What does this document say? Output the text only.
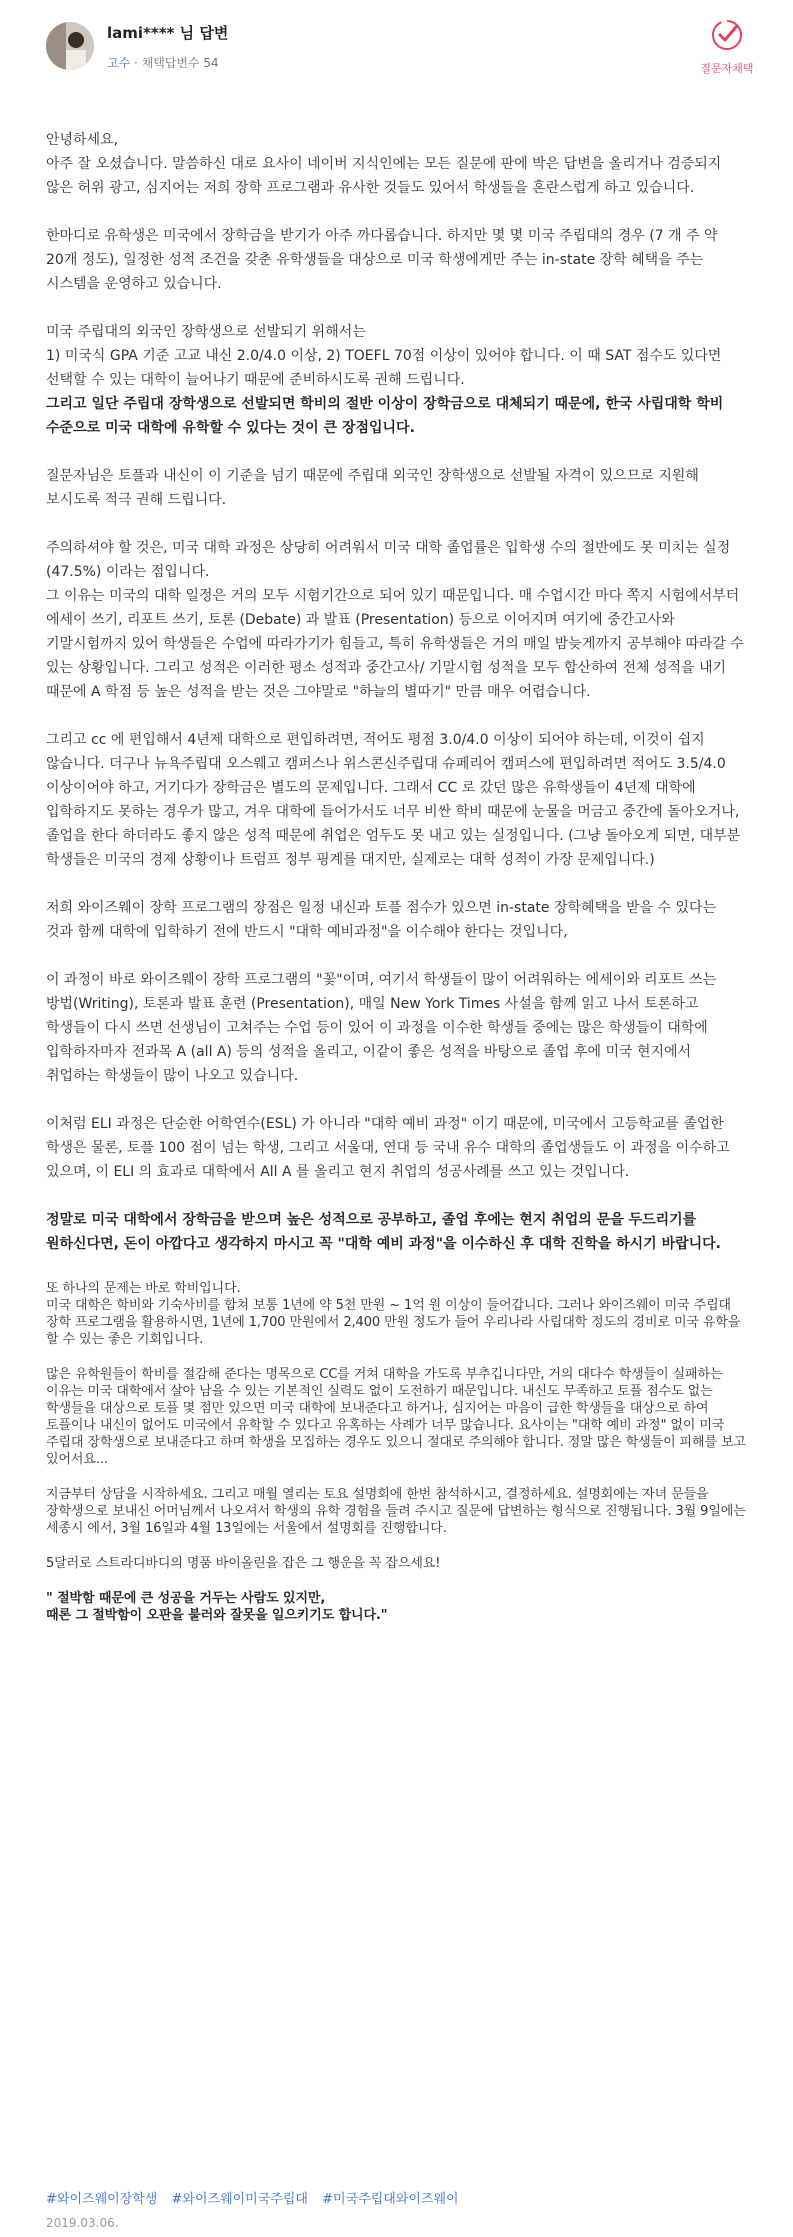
lami**** 님 답변
고수 · 채택답변수 54	질문자채택

안녕하세요,
아주 잘 오셨습니다. 말씀하신 대로 요사이 네이버 지식인에는 모든 질문에 판에 박은 답변을 올리거나 검증되지 않은 허위 광고, 심지어는 저희 장학 프로그램과 유사한 것들도 있어서 학생들을 혼란스럽게 하고 있습니다.

한마디로 유학생은 미국에서 장학금을 받기가 아주 까다롭습니다. 하지만 몇 몇 미국 주립대의 경우 (7 개 주 약 20개 정도), 일정한 성적 조건을 갖춘 유학생들을 대상으로 미국 학생에게만 주는 in-state 장학 혜택을 주는 시스템을 운영하고 있습니다.

미국 주립대의 외국인 장학생으로 선발되기 위해서는
1) 미국식 GPA 기준 고교 내신 2.0/4.0 이상, 2) TOEFL 70점 이상이 있어야 합니다. 이 때 SAT 점수도 있다면 선택할 수 있는 대학이 늘어나기 때문에 준비하시도록 권해 드립니다.

그리고 일단 주립대 장학생으로 선발되면 학비의 절반 이상이 장학금으로 대체되기 때문에, 한국 사립대학 학비 수준으로 미국 대학에 유학할 수 있다는 것이 큰 장점입니다.

질문자님은 토플과 내신이 이 기준을 넘기 때문에 주립대 외국인 장학생으로 선발될 자격이 있으므로 지원해 보시도록 적극 권해 드립니다.

주의하셔야 할 것은, 미국 대학 과정은 상당히 어려워서 미국 대학 졸업률은 입학생 수의 절반에도 못 미치는 실정(47.5%) 이라는 점입니다.
그 이유는 미국의 대학 일정은 거의 모두 시험기간으로 되어 있기 때문입니다. 매 수업시간 마다 쪽지 시험에서부터 에세이 쓰기, 리포트 쓰기, 토론 (Debate) 과 발표 (Presentation) 등으로 이어지며 여기에 중간고사와 기말시험까지 있어 학생들은 수업에 따라가기가 힘들고, 특히 유학생들은 거의 매일 밤늦게까지 공부해야 따라갈 수 있는 상황입니다. 그리고 성적은 이러한 평소 성적과 중간고사/ 기말시험 성적을 모두 합산하여 전체 성적을 내기 때문에 A 학점 등 높은 성적을 받는 것은 그야말로 "하늘의 별따기" 만큼 매우 어렵습니다.

그리고 cc 에 편입해서 4년제 대학으로 편입하려면, 적어도 평점 3.0/4.0 이상이 되어야 하는데, 이것이 쉽지 않습니다. 더구나 뉴욕주립대 오스웨고 캠퍼스나 위스콘신주립대 슈페리어 캠퍼스에 편입하려면 적어도 3.5/4.0 이상이어야 하고, 거기다가 장학금은 별도의 문제입니다. 그래서 CC 로 갔던 많은 유학생들이 4년제 대학에 입학하지도 못하는 경우가 많고, 겨우 대학에 들어가서도 너무 비싼 학비 때문에 눈물을 머금고 중간에 돌아오거나, 졸업을 한다 하더라도 좋지 않은 성적 때문에 취업은 엄두도 못 내고 있는 실정입니다. (그냥 돌아오게 되면, 대부분 학생들은 미국의 경제 상황이나 트럼프 정부 핑계를 대지만, 실제로는 대학 성적이 가장 문제입니다.)

저희 와이즈웨이 장학 프로그램의 장점은 일정 내신과 토플 점수가 있으면 in-state 장학혜택을 받을 수 있다는 것과 함께 대학에 입학하기 전에 반드시 "대학 예비과정"을 이수해야 한다는 것입니다,

이 과정이 바로 와이즈웨이 장학 프로그램의 "꽃"이며, 여기서 학생들이 많이 어려워하는 에세이와 리포트 쓰는 방법(Writing), 토론과 발표 훈련 (Presentation), 매일 New York Times 사설을 함께 읽고 나서 토론하고 학생들이 다시 쓰면 선생님이 고쳐주는 수업 등이 있어 이 과정을 이수한 학생들 중에는 많은 학생들이 대학에 입학하자마자 전과목 A (all A) 등의 성적을 올리고, 이같이 좋은 성적을 바탕으로 졸업 후에 미국 현지에서 취업하는 학생들이 많이 나오고 있습니다.

이처럼 ELI 과정은 단순한 어학연수(ESL) 가 아니라 "대학 예비 과정" 이기 때문에, 미국에서 고등학교를 졸업한 학생은 물론, 토플 100 점이 넘는 학생, 그리고 서울대, 연대 등 국내 유수 대학의 졸업생들도 이 과정을 이수하고 있으며, 이 ELI 의 효과로 대학에서 All A 를 올리고 현지 취업의 성공사례를 쓰고 있는 것입니다.

정말로 미국 대학에서 장학금을 받으며 높은 성적으로 공부하고, 졸업 후에는 현지 취업의 문을 두드리기를 원하신다면, 돈이 아깝다고 생각하지 마시고 꼭 "대학 예비 과정"을 이수하신 후 대학 진학을 하시기 바랍니다.

또 하나의 문제는 바로 학비입니다.
미국 대학은 학비와 기숙사비를 합쳐 보통 1년에 약 5천 만원 ~ 1억 원 이상이 들어갑니다. 그러나 와이즈웨이 미국 주립대 장학 프로그램을 활용하시면, 1년에 1,700 만원에서 2,400 만원 정도가 들어 우리나라 사립대학 정도의 경비로 미국 유학을 할 수 있는 좋은 기회입니다.

많은 유학원들이 학비를 절감해 준다는 명목으로 CC를 거쳐 대학을 가도록 부추깁니다만, 거의 대다수 학생들이 실패하는 이유는 미국 대학에서 살아 남을 수 있는 기본적인 실력도 없이 도전하기 때문입니다. 내신도 무족하고 토플 점수도 없는 학생들을 대상으로 토플 몇 점만 있으면 미국 대학에 보내준다고 하거나, 심지어는 마음이 급한 학생들을 대상으로 하여 토플이나 내신이 없어도 미국에서 유학할 수 있다고 유혹하는 사례가 너무 많습니다. 요사이는 "대학 예비 과정" 없이 미국 주립대 장학생으로 보내준다고 하며 학생을 모집하는 경우도 있으니 절대로 주의해야 합니다. 정말 많은 학생들이 피해를 보고 있어서요...

지금부터 상담을 시작하세요. 그리고 매월 열리는 토요 설명회에 한번 참석하시고, 결정하세요. 설명회에는 자녀 문들을 장학생으로 보내신 어머님께서 나오셔서 학생의 유학 경험을 들려 주시고 질문에 답변하는 형식으로 진행됩니다. 3월 9일에는 세종시 에서, 3월 16일과 4월 13일에는 서울에서 설명회를 진행합니다.

5달러로 스트라디바디의 명품 바이올린을 잡은 그 행운을 꼭 잡으세요!

" 절박함 때문에 큰 성공을 거두는 사람도 있지만,
때론 그 절박함이 오판을 불러와 잘못을 일으키기도 합니다."

#와이즈웨이장학생 #와이즈웨이미국주립대 #미국주립대와이즈웨이
2019.03.06.
